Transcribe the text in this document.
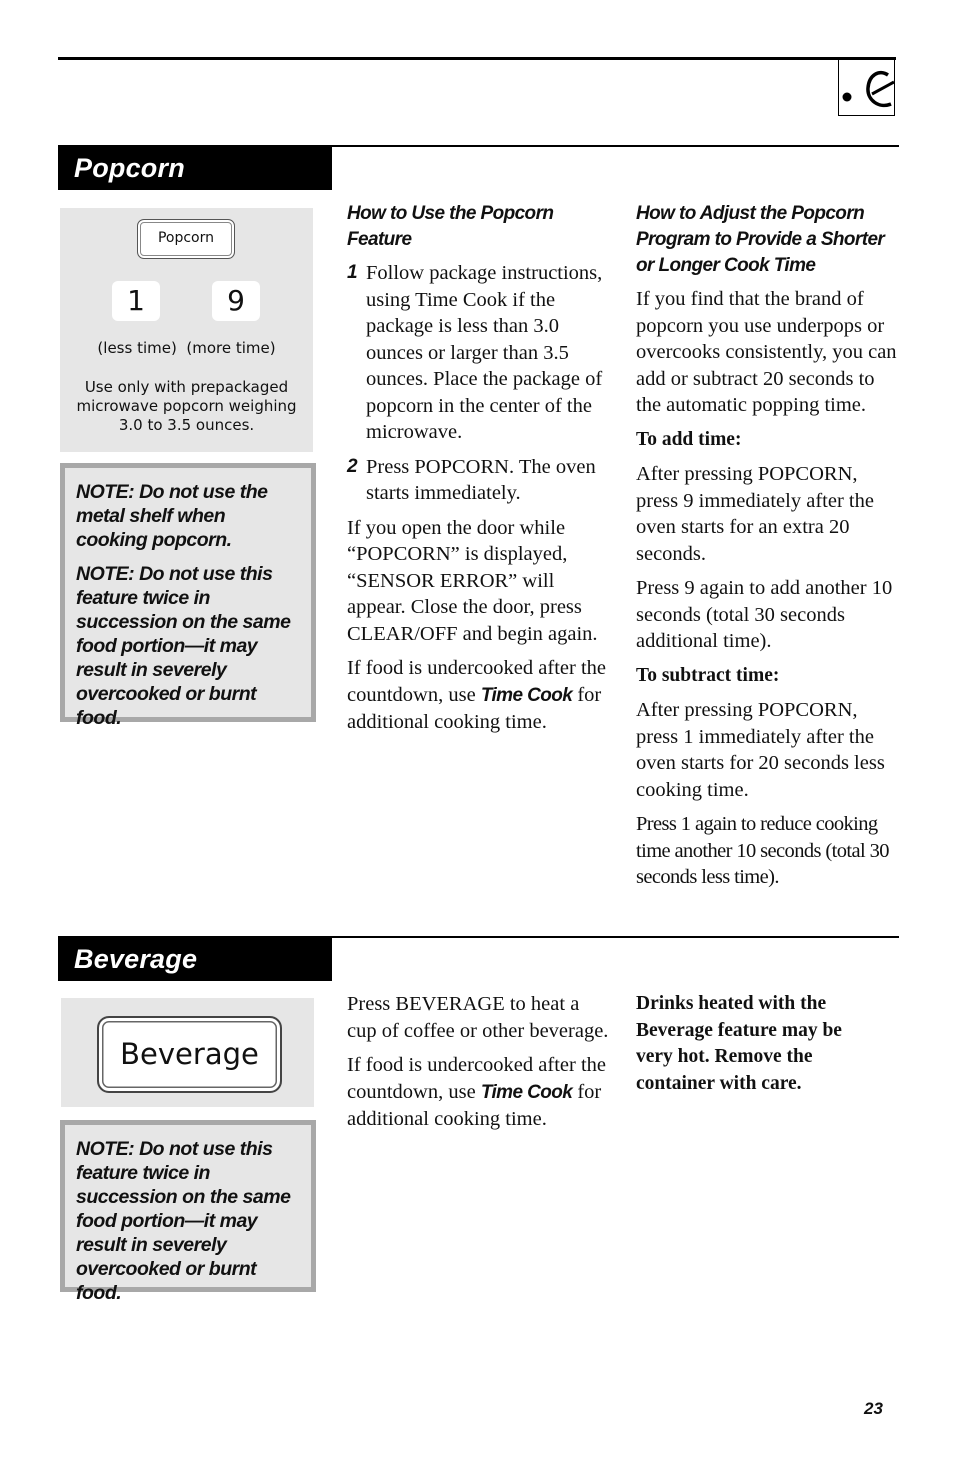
Popcorn
Popcorn
1	9
(less time) (more time)
Use only with prepackaged microwave popcorn weighing 3.0 to 3.5 ounces.

NOTE: Do not use the metal shelf when cooking popcorn.

NOTE: Do not use this feature twice in succession on the same food portion—it may result in severely overcooked or burnt food.

How to Use the Popcorn Feature
1 Follow package instructions, using Time Cook if the package is less than 3.0 ounces or larger than 3.5 ounces. Place the package of popcorn in the center of the microwave.
2 Press POPCORN. The oven starts immediately.

If you open the door while “POPCORN” is displayed, “SENSOR ERROR” will appear. Close the door, press CLEAR/OFF and begin again.

If food is undercooked after the countdown, use Time Cook for additional cooking time.

How to Adjust the Popcorn Program to Provide a Shorter or Longer Cook Time

If you find that the brand of popcorn you use underpops or overcooks consistently, you can add or subtract 20 seconds to the automatic popping time.

To add time:

After pressing POPCORN, press 9 immediately after the oven starts for an extra 20 seconds.

Press 9 again to add another 10 seconds (total 30 seconds additional time).

To subtract time:

After pressing POPCORN, press 1 immediately after the oven starts for 20 seconds less cooking time.

Press 1 again to reduce cooking time another 10 seconds (total 30 seconds less time).

Beverage
Beverage

NOTE: Do not use this feature twice in succession on the same food portion—it may result in severely overcooked or burnt food.

Press BEVERAGE to heat a cup of coffee or other beverage.

If food is undercooked after the countdown, use Time Cook for additional cooking time.

Drinks heated with the Beverage feature may be very hot. Remove the container with care.

23
